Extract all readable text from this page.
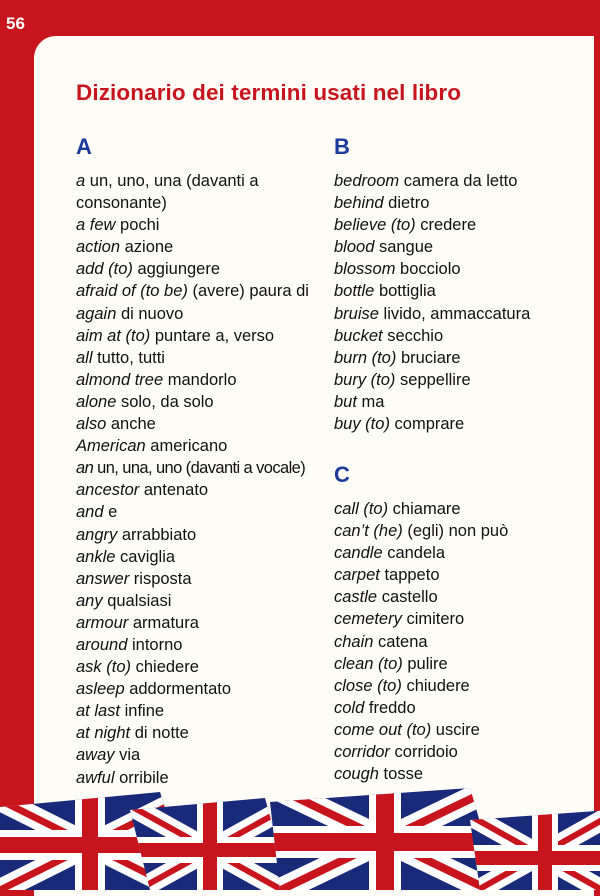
56
Dizionario dei termini usati nel libro
A	B
C
a un, uno, una (davanti a
consonante)
a few pochi
action azione
add (to) aggiungere
afraid of (to be) (avere) paura di
again di nuovo
aim at (to) puntare a, verso
all tutto, tutti
almond tree mandorlo
alone solo, da solo
also anche
American americano
an un, una, uno (davanti a vocale)
ancestor antenato
and e
angry arrabbiato
ankle caviglia
answer risposta
any qualsiasi
armour armatura
around intorno
ask (to) chiedere
asleep addormentato
at last infine
at night di notte
away via
awful orribile
bedroom camera da letto
behind dietro
believe (to) credere
blood sangue
blossom bocciolo
bottle bottiglia
bruise livido, ammaccatura
bucket secchio
burn (to) bruciare
bury (to) seppellire
but ma
buy (to) comprare
call (to) chiamare
can’t (he) (egli) non può
candle candela
carpet tappeto
castle castello
cemetery cimitero
chain catena
clean (to) pulire
close (to) chiudere
cold freddo
come out (to) uscire
corridor corridoio
cough tosse
